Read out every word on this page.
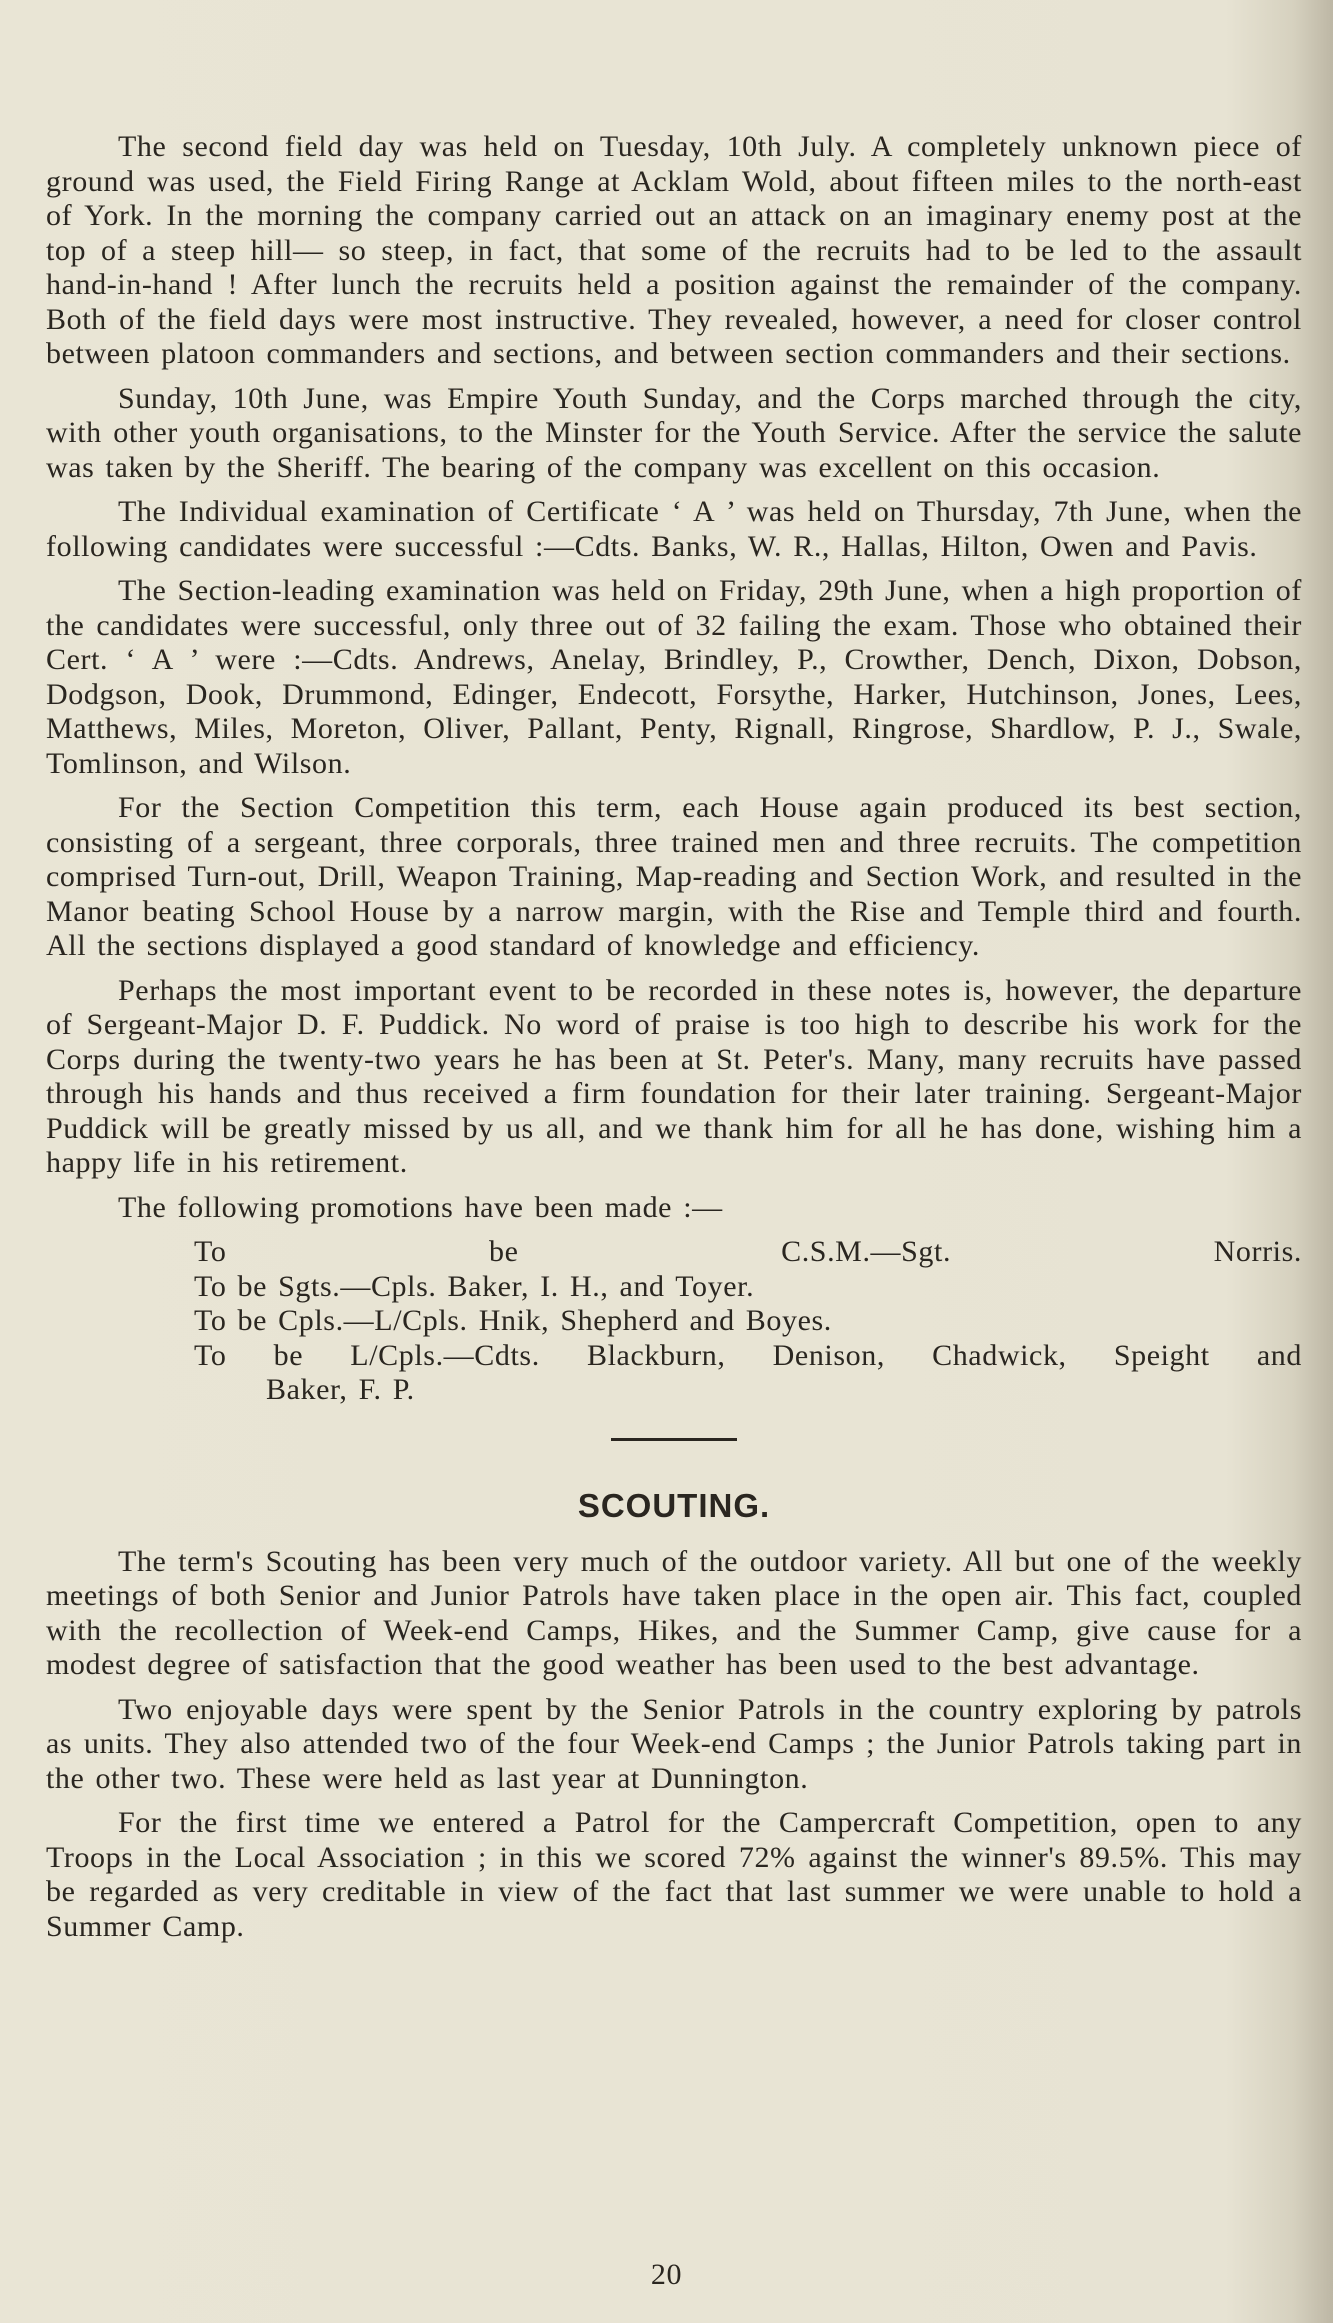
The second field day was held on Tuesday, 10th July. A completely unknown piece of ground was used, the Field Firing Range at Acklam Wold, about fifteen miles to the north-east of York. In the morning the company carried out an attack on an imaginary enemy post at the top of a steep hill— so steep, in fact, that some of the recruits had to be led to the assault hand-in-hand ! After lunch the recruits held a position against the remainder of the company. Both of the field days were most instructive. They revealed, however, a need for closer control between platoon commanders and sections, and between section commanders and their sections.

Sunday, 10th June, was Empire Youth Sunday, and the Corps marched through the city, with other youth organisations, to the Minster for the Youth Service. After the service the salute was taken by the Sheriff. The bearing of the company was excellent on this occasion.

The Individual examination of Certificate ‘ A ’ was held on Thursday, 7th June, when the following candidates were successful :—Cdts. Banks, W. R., Hallas, Hilton, Owen and Pavis.

The Section-leading examination was held on Friday, 29th June, when a high proportion of the candidates were successful, only three out of 32 failing the exam. Those who obtained their Cert. ‘ A ’ were :—Cdts. Andrews, Anelay, Brindley, P., Crowther, Dench, Dixon, Dobson, Dodgson, Dook, Drummond, Edinger, Endecott, Forsythe, Harker, Hutchinson, Jones, Lees, Matthews, Miles, Moreton, Oliver, Pallant, Penty, Rignall, Ringrose, Shardlow, P. J., Swale, Tomlinson, and Wilson.

For the Section Competition this term, each House again produced its best section, consisting of a sergeant, three corporals, three trained men and three recruits. The competition comprised Turn-out, Drill, Weapon Training, Map-reading and Section Work, and resulted in the Manor beating School House by a narrow margin, with the Rise and Temple third and fourth. All the sections displayed a good standard of knowledge and efficiency.

Perhaps the most important event to be recorded in these notes is, however, the departure of Sergeant-Major D. F. Puddick. No word of praise is too high to describe his work for the Corps during the twenty-two years he has been at St. Peter's. Many, many recruits have passed through his hands and thus received a firm foundation for their later training. Sergeant-Major Puddick will be greatly missed by us all, and we thank him for all he has done, wishing him a happy life in his retirement.

The following promotions have been made :—

To be C.S.M.—Sgt. Norris.
To be Sgts.—Cpls. Baker, I. H., and Toyer.
To be Cpls.—L/Cpls. Hnik, Shepherd and Boyes.
To be L/Cpls.—Cdts. Blackburn, Denison, Chadwick, Speight and
Baker, F. P.
SCOUTING.

The term's Scouting has been very much of the outdoor variety. All but one of the weekly meetings of both Senior and Junior Patrols have taken place in the open air. This fact, coupled with the recollection of Week-end Camps, Hikes, and the Summer Camp, give cause for a modest degree of satisfaction that the good weather has been used to the best advantage.

Two enjoyable days were spent by the Senior Patrols in the country exploring by patrols as units. They also attended two of the four Week-end Camps ; the Junior Patrols taking part in the other two. These were held as last year at Dunnington.

For the first time we entered a Patrol for the Campercraft Competition, open to any Troops in the Local Association ; in this we scored 72% against the winner's 89.5%. This may be regarded as very creditable in view of the fact that last summer we were unable to hold a Summer Camp.

20
